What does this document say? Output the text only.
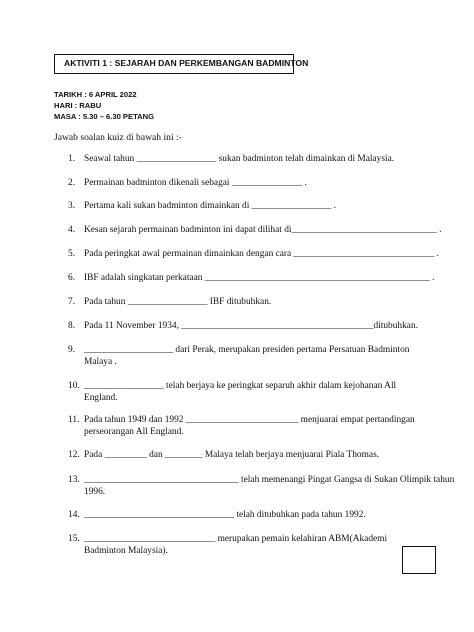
AKTIVITI 1 : SEJARAH DAN PERKEMBANGAN BADMINTON
TARIKH : 6 APRIL 2022
HARI : RABU
MASA : 5.30 – 6.30 PETANG
Jawab soalan kuiz di bawah ini :-
1. Seawal tahun _________________ sukan badminton telah dimainkan di Malaysia.
2. Permainan badminton dikenali sebagai _______________ .
3. Pertama kali sukan badminton dimainkan di _________________ .
4. Kesan sejarah permainan badminton ini dapat dilihat di_______________________________ .
5. Pada peringkat awal permainan dimainkan dengan cara ______________________________ .
6. IBF adalah singkatan perkataan ________________________________________________ .
7. Pada tahun _________________ IBF ditubuhkan.
8. Pada 11 November 1934, _________________________________________ditubuhkan.
9. ___________________ dari Perak, merupakan presiden pertama Persatuan Badminton
Malaya .
10. _________________ telah berjaya ke peringkat separuh akhir dalam kejohanan All
England.
11. Pada tahun 1949 dan 1992 ________________________ menjuarai empat pertandingan
perseorangan All England.
12. Pada _________ dan ________ Malaya telah berjaya menjuarai Piala Thomas.
13. _________________________________ telah memenangi Pingat Gangsa di Sukan Olimpik tahun
1996.
14. ________________________________ telah ditubuhkan pada tahun 1992.
15. ____________________________ merupakan pemain kelahiran ABM(Akademi
Badminton Malaysia).
